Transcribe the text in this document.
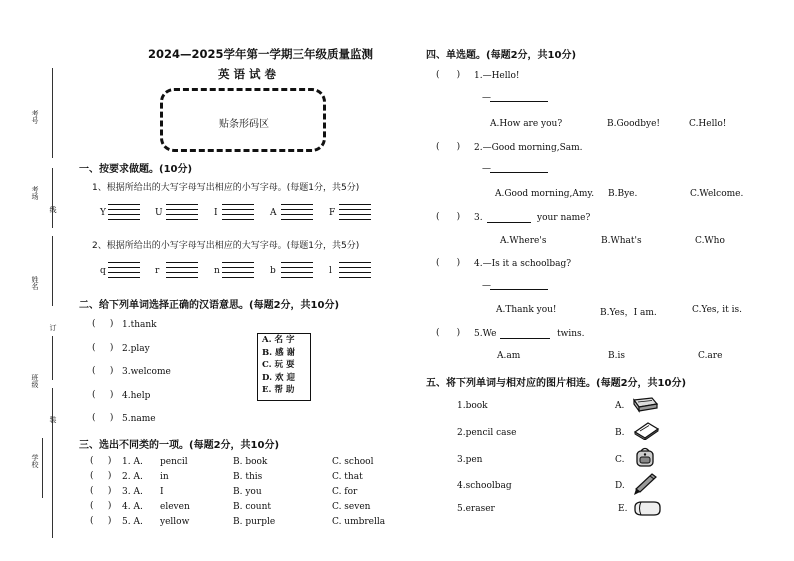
考号
考场
姓名
班级
学校
线
订
装
2024—2025学年第一学期三年级质量监测
英 语 试 卷
贴条形码区
一、按要求做题。(10分)
1、根据所给出的大写字母写出相应的小写字母。(每题1分，共5分)
Y	U	I	A	F
2、根据所给出的小写字母写出相应的大写字母。(每题1分，共5分)
q	r	n	b	l
二、给下列单词选择正确的汉语意思。(每题2分，共10分)
(     ) 1.thank
(     ) 2.play
(     ) 3.welcome
(     ) 4.help
(     ) 5.name
A. 名 字
B. 感 谢
C. 玩 耍
D. 欢 迎
E. 帮 助
三、选出不同类的一项。(每题2分，共10分)
(     ) 1. A. pencil	B. book	C. school
(     ) 2. A. in	B. this	C. that
(     ) 3. A. I	B. you	C. for
(     ) 4. A. eleven	B. count	C. seven
(     ) 5. A. yellow	B. purple	C. umbrella
四、单选题。(每题2分，共10分)
(      ) 1.—Hello!
—
A.How are you?	B.Goodbye!	C.Hello!
(      ) 2.—Good morning,Sam.
—
A.Good morning,Amy. B.Bye.	C.Welcome.
(      ) 3.	your name?
A.Where's	B.What's	C.Who
(      ) 4.—Is it a schoolbag?
—
A.Thank you!	B.Yes，I am.	C.Yes, it is.
(      ) 5.We	twins.
A.am	B.is	C.are
五、将下列单词与相对应的图片相连。(每题2分，共10分)
1.book
2.pencil case
3.pen
4.schoolbag
5.eraser
A.
B.
C.
D.
E.
